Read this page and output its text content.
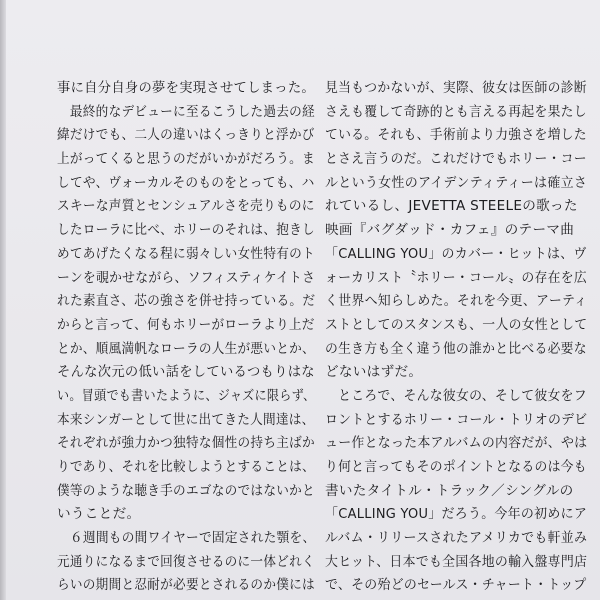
事に自分自身の夢を実現させてしまった。
　最終的なデビューに至るこうした過去の経
緯だけでも、二人の違いはくっきりと浮かび
上がってくると思うのだがいかがだろう。ま
してや、ヴォーカルそのものをとっても、ハ
スキーな声質とセンシュアルさを売りものに
したローラに比べ、ホリーのそれは、抱きし
めてあげたくなる程に弱々しい女性特有のト
ーンを覗かせながら、ソフィスティケイトさ
れた素直さ、芯の強さを併せ持っている。だ
からと言って、何もホリーがローラより上だ
とか、順風満帆なローラの人生が悪いとか、
そんな次元の低い話をしているつもりはな
い。冒頭でも書いたように、ジャズに限らず、
本来シンガーとして世に出てきた人間達は、
それぞれが強力かつ独特な個性の持ち主ばか
りであり、それを比較しようとすることは、
僕等のような聴き手のエゴなのではないかと
いうことだ。
　６週間もの間ワイヤーで固定された顎を、
元通りになるまで回復させるのに一体どれく
らいの期間と忍耐が必要とされるのか僕には
見当もつかないが、実際、彼女は医師の診断
さえも覆して奇跡的とも言える再起を果たし
ている。それも、手術前より力強さを増した
とさえ言うのだ。これだけでもホリー・コー
ルという女性のアイデンティティーは確立さ
れているし、JEVETTA STEELEの歌った
映画『バグダッド・カフェ』のテーマ曲
「CALLING YOU」のカバー・ヒットは、ヴ
ォーカリスト〝ホリー・コール〟の存在を広
く世界へ知らしめた。それを今更、アーティ
ストとしてのスタンスも、一人の女性として
の生き方も全く違う他の誰かと比べる必要な
どないはずだ。
　ところで、そんな彼女の、そして彼女をフ
ロントとするホリー・コール・トリオのデビ
ュー作となった本アルバムの内容だが、やは
り何と言ってもそのポイントとなるのは今も
書いたタイトル・トラック／シングルの
「CALLING YOU」だろう。今年の初めにア
ルバム・リリースされたアメリカでも軒並み
大ヒット、日本でも全国各地の輸入盤専門店
で、その殆どのセールス・チャート・トップ
